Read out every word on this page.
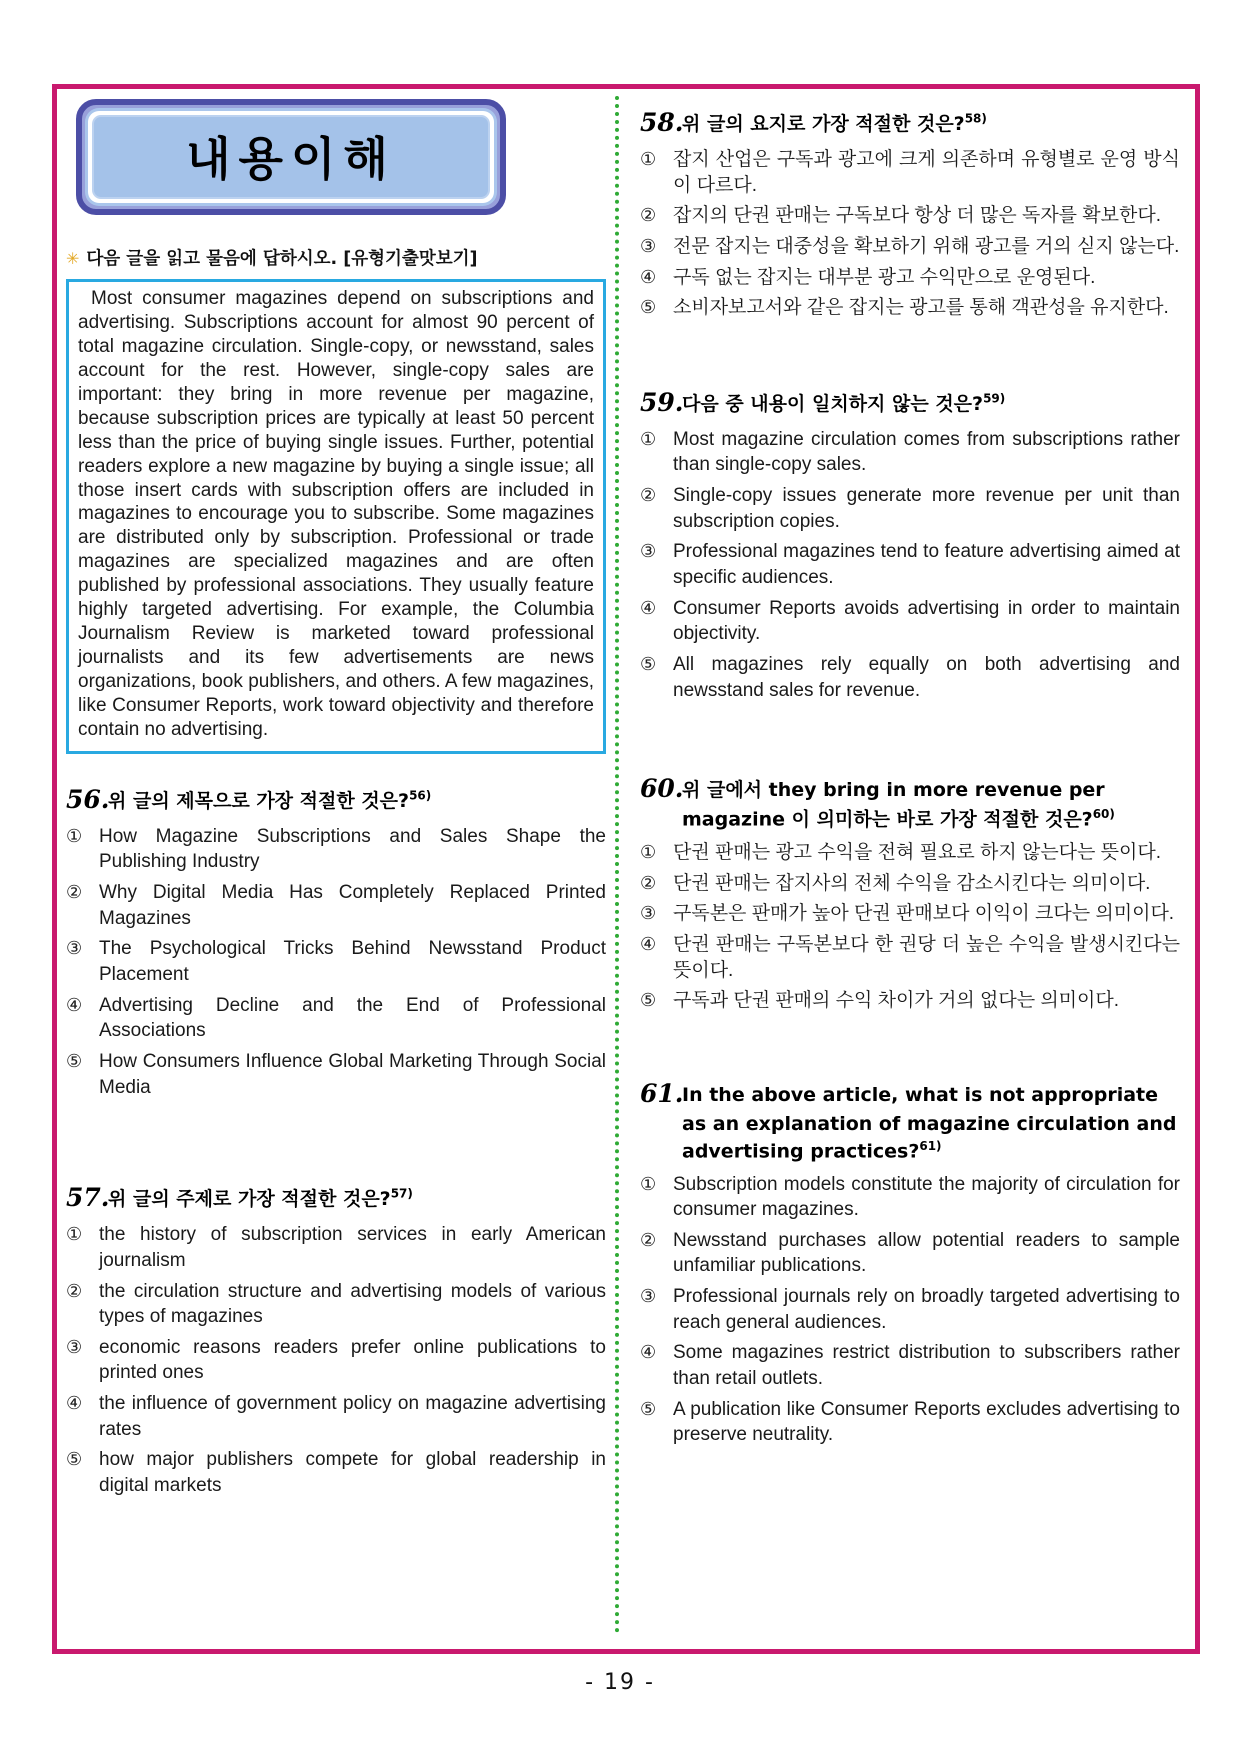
내용이해
✳ 다음 글을 읽고 물음에 답하시오. [유형기출맛보기]

Most consumer magazines depend on subscriptions and advertising. Subscriptions account for almost 90 percent of total magazine circulation. Single-copy, or newsstand, sales account for the rest. However, single-copy sales are important: they bring in more revenue per magazine, because subscription prices are typically at least 50 percent less than the price of buying single issues. Further, potential readers explore a new magazine by buying a single issue; all those insert cards with subscription offers are included in magazines to encourage you to subscribe. Some magazines are distributed only by subscription. Professional or trade magazines are specialized magazines and are often published by professional associations. They usually feature highly targeted advertising. For example, the Columbia Journalism Review is marketed toward professional journalists and its few advertisements are news organizations, book publishers, and others. A few magazines, like Consumer Reports, work toward objectivity and therefore contain no advertising.

56.위 글의 제목으로 가장 적절한 것은?$^{56)}$
① How Magazine Subscriptions and Sales Shape the Publishing Industry
② Why Digital Media Has Completely Replaced Printed Magazines
③ The Psychological Tricks Behind Newsstand Product Placement
④ Advertising Decline and the End of Professional Associations
⑤ How Consumers Influence Global Marketing Through Social Media
57.위 글의 주제로 가장 적절한 것은?$^{57)}$
① the history of subscription services in early American journalism
② the circulation structure and advertising models of various types of magazines
③ economic reasons readers prefer online publications to printed ones
④ the influence of government policy on magazine advertising rates
⑤ how major publishers compete for global readership in digital markets
58.위 글의 요지로 가장 적절한 것은?$^{58)}$
① 잡지 산업은 구독과 광고에 크게 의존하며 유형별로 운영 방식이 다르다.
② 잡지의 단권 판매는 구독보다 항상 더 많은 독자를 확보한다.
③ 전문 잡지는 대중성을 확보하기 위해 광고를 거의 싣지 않는다.
④ 구독 없는 잡지는 대부분 광고 수익만으로 운영된다.
⑤ 소비자보고서와 같은 잡지는 광고를 통해 객관성을 유지한다.
59.다음 중 내용이 일치하지 않는 것은?$^{59)}$
① Most magazine circulation comes from subscriptions rather than single-copy sales.
② Single-copy issues generate more revenue per unit than subscription copies.
③ Professional magazines tend to feature advertising aimed at specific audiences.
④ Consumer Reports avoids advertising in order to maintain objectivity.
⑤ All magazines rely equally on both advertising and newsstand sales for revenue.
60.위 글에서 they bring in more revenue per magazine 이 의미하는 바로 가장 적절한 것은?$^{60)}$
① 단권 판매는 광고 수익을 전혀 필요로 하지 않는다는 뜻이다.
② 단권 판매는 잡지사의 전체 수익을 감소시킨다는 의미이다.
③ 구독본은 판매가 높아 단권 판매보다 이익이 크다는 의미이다.
④ 단권 판매는 구독본보다 한 권당 더 높은 수익을 발생시킨다는 뜻이다.
⑤ 구독과 단권 판매의 수익 차이가 거의 없다는 의미이다.
61.In the above article, what is not appropriate as an explanation of magazine circulation and advertising practices?$^{61)}$
① Subscription models constitute the majority of circulation for consumer magazines.
② Newsstand purchases allow potential readers to sample unfamiliar publications.
③ Professional journals rely on broadly targeted advertising to reach general audiences.
④ Some magazines restrict distribution to subscribers rather than retail outlets.
⑤ A publication like Consumer Reports excludes advertising to preserve neutrality.
- 19 -
